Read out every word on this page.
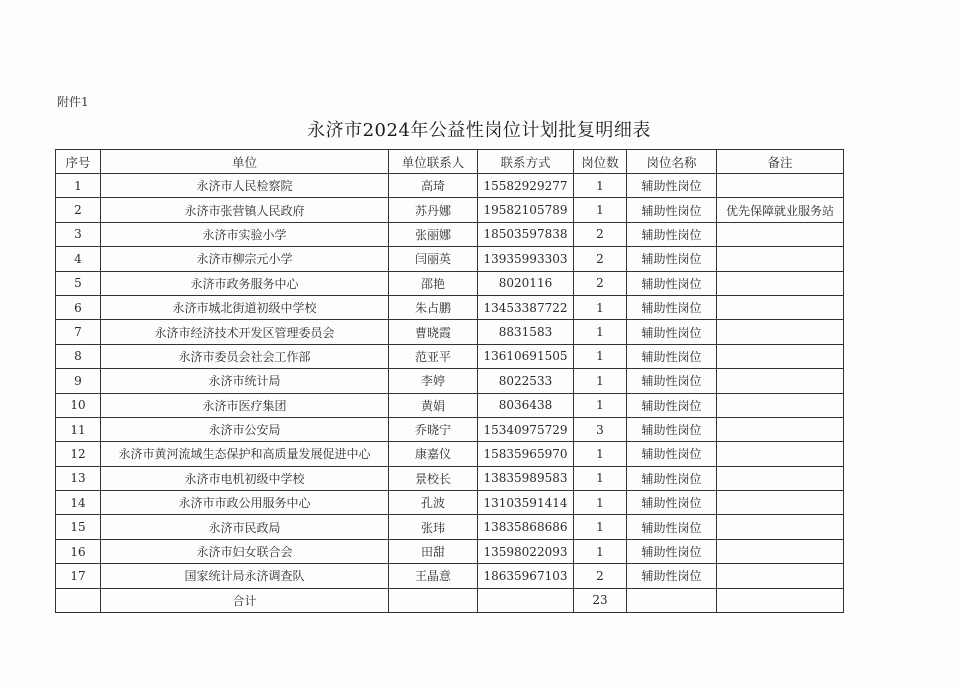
附件1
永济市2024年公益性岗位计划批复明细表
序号	单位	单位联系人	联系方式	岗位数	岗位名称	备注
1	永济市人民检察院	高琦	15582929277	1	辅助性岗位	
2	永济市张营镇人民政府	苏丹娜	19582105789	1	辅助性岗位	优先保障就业服务站
3	永济市实验小学	张丽娜	18503597838	2	辅助性岗位	
4	永济市柳宗元小学	闫丽英	13935993303	2	辅助性岗位	
5	永济市政务服务中心	邵艳	8020116	2	辅助性岗位	
6	永济市城北街道初级中学校	朱占鹏	13453387722	1	辅助性岗位	
7	永济市经济技术开发区管理委员会	曹晓霞	8831583	1	辅助性岗位	
8	永济市委员会社会工作部	范亚平	13610691505	1	辅助性岗位	
9	永济市统计局	李婷	8022533	1	辅助性岗位	
10	永济市医疗集团	黄娟	8036438	1	辅助性岗位	
11	永济市公安局	乔晓宁	15340975729	3	辅助性岗位	
12	永济市黄河流域生态保护和高质量发展促进中心	康嘉仪	15835965970	1	辅助性岗位	
13	永济市电机初级中学校	景校长	13835989583	1	辅助性岗位	
14	永济市市政公用服务中心	孔波	13103591414	1	辅助性岗位	
15	永济市民政局	张玮	13835868686	1	辅助性岗位	
16	永济市妇女联合会	田甜	13598022093	1	辅助性岗位	
17	国家统计局永济调查队	王晶意	18635967103	2	辅助性岗位	
	合计			23		
